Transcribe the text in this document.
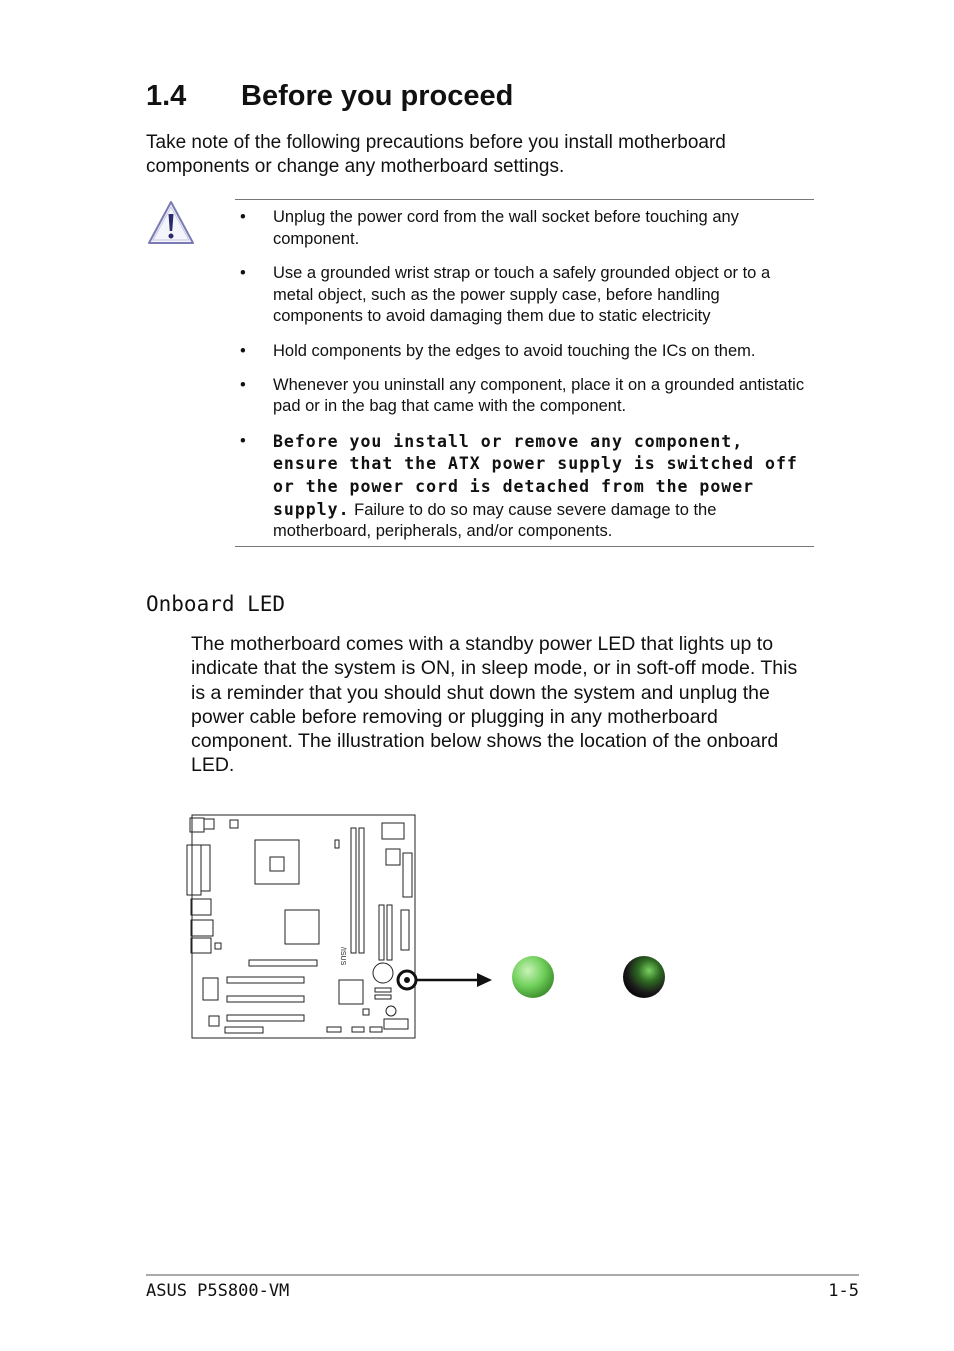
1.4 Before you proceed
Take note of the following precautions before you install motherboard components or change any motherboard settings.
• Unplug the power cord from the wall socket before touching any component.
• Use a grounded wrist strap or touch a safely grounded object or to a metal object, such as the power supply case, before handling components to avoid damaging them due to static electricity
• Hold components by the edges to avoid touching the ICs on them.
• Whenever you uninstall any component, place it on a grounded antistatic pad or in the bag that came with the component.
• Before you install or remove any component, ensure that the ATX power supply is switched off or the power cord is detached from the power supply. Failure to do so may cause severe damage to the motherboard, peripherals, and/or components.
Onboard LED
The motherboard comes with a standby power LED that lights up to indicate that the system is ON, in sleep mode, or in soft-off mode. This is a reminder that you should shut down the system and unplug the power cable before removing or plugging in any motherboard component. The illustration below shows the location of the onboard LED.
/ISUS
ASUS P5S800-VM	1-5
